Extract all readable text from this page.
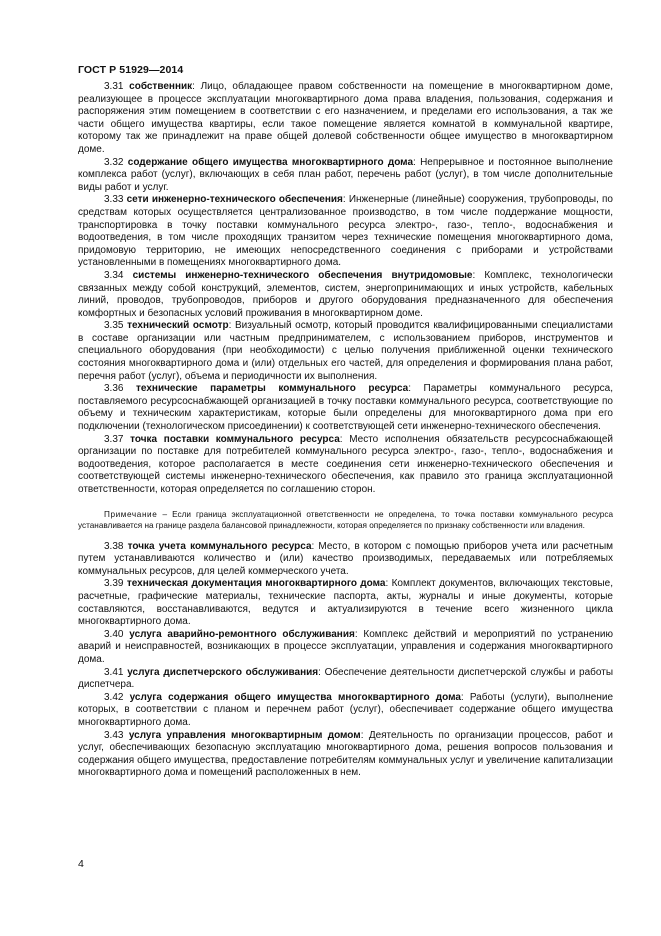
ГОСТ Р 51929—2014

3.31 собственник: Лицо, обладающее правом собственности на помещение в многоквартирном доме, реализующее в процессе эксплуатации многоквартирного дома права владения, пользования, содержания и распоряжения этим помещением в соответствии с его назначением, и пределами его использования, а так же части общего имущества квартиры, если такое помещение является комнатой в коммунальной квартире, которому так же принадлежит на праве общей долевой собственности общее имущество в многоквартирном доме.

3.32 содержание общего имущества многоквартирного дома: Непрерывное и постоянное выполнение комплекса работ (услуг), включающих в себя план работ, перечень работ (услуг), в том числе дополнительные виды работ и услуг.

3.33 сети инженерно-технического обеспечения: Инженерные (линейные) сооружения, трубопроводы, по средствам которых осуществляется централизованное производство, в том числе поддержание мощности, транспортировка в точку поставки коммунального ресурса электро-, газо-, тепло-, водоснабжения и водоотведения, в том числе проходящих транзитом через технические помещения многоквартирного дома, придомовую территорию, не имеющих непосредственного соединения с приборами и устройствами установленными в помещениях многоквартирного дома.

3.34 системы инженерно-технического обеспечения внутридомовые: Комплекс, технологически связанных между собой конструкций, элементов, систем, энергопринимающих и иных устройств, кабельных линий, проводов, трубопроводов, приборов и другого оборудования предназначенного для обеспечения комфортных и безопасных условий проживания в многоквартирном доме.

3.35 технический осмотр: Визуальный осмотр, который проводится квалифицированными специалистами в составе организации или частным предпринимателем, с использованием приборов, инструментов и специального оборудования (при необходимости) с целью получения приближенной оценки технического состояния многоквартирного дома и (или) отдельных его частей, для определения и формирования плана работ, перечня работ (услуг), объема и периодичности их выполнения.

3.36 технические параметры коммунального ресурса: Параметры коммунального ресурса, поставляемого ресурсоснабжающей организацией в точку поставки коммунального ресурса, соответствующие по объему и техническим характеристикам, которые были определены для многоквартирного дома при его подключении (технологическом присоединении) к соответствующей сети инженерно-технического обеспечения.

3.37 точка поставки коммунального ресурса: Место исполнения обязательств ресурсоснабжающей организации по поставке для потребителей коммунального ресурса электро-, газо-, тепло-, водоснабжения и водоотведения, которое располагается в месте соединения сети инженерно-технического обеспечения и соответствующей системы инженерно-технического обеспечения, как правило это граница эксплуатационной ответственности, которая определяется по соглашению сторон.

Примечание – Если граница эксплуатационной ответственности не определена, то точка поставки коммунального ресурса устанавливается на границе раздела балансовой принадлежности, которая определяется по признаку собственности или владения.

3.38 точка учета коммунального ресурса: Место, в котором с помощью приборов учета или расчетным путем устанавливаются количество и (или) качество производимых, передаваемых или потребляемых коммунальных ресурсов, для целей коммерческого учета.

3.39 техническая документация многоквартирного дома: Комплект документов, включающих текстовые, расчетные, графические материалы, технические паспорта, акты, журналы и иные документы, которые составляются, восстанавливаются, ведутся и актуализируются в течение всего жизненного цикла многоквартирного дома.

3.40 услуга аварийно-ремонтного обслуживания: Комплекс действий и мероприятий по устранению аварий и неисправностей, возникающих в процессе эксплуатации, управления и содержания многоквартирного дома.

3.41 услуга диспетчерского обслуживания: Обеспечение деятельности диспетчерской службы и работы диспетчера.

3.42 услуга содержания общего имущества многоквартирного дома: Работы (услуги), выполнение которых, в соответствии с планом и перечнем работ (услуг), обеспечивает содержание общего имущества многоквартирного дома.

3.43 услуга управления многоквартирным домом: Деятельность по организации процессов, работ и услуг, обеспечивающих безопасную эксплуатацию многоквартирного дома, решения вопросов пользования и содержания общего имущества, предоставление потребителям коммунальных услуг и увеличение капитализации многоквартирного дома и помещений расположенных в нем.

4
